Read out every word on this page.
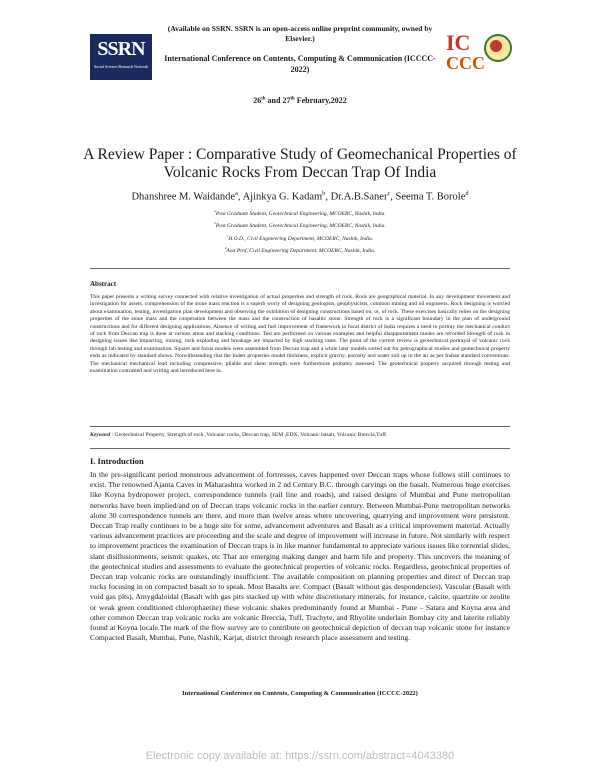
SSRN
Social Science Research Network
(Available on SSRN. SSRN is an open-access online preprint community, owned by Elsevier.)
International Conference on Contents, Computing & Communication (ICCCC-2022)
26th and 27th February,2022
IC
CCC
A Review Paper : Comparative Study of Geomechanical Properties of Volcanic Rocks From Deccan Trap Of India
Dhanshree M. Waidande$^a$, Ajinkya G. Kadam$^b$, Dr.A.B.Saner$^c$, Seema T. Borole$^d$
$^a$Post Graduate Student, Geotechnical Engineering, MCOERC, Nashik, India.
$^b$Post Graduate Student, Geotechnical Engineering, MCOERC, Nashik, India.
$^c$H.O.D., Civil Engineering Department, MCOERC, Nashik, India.
$^d$Asst.Prof, Civil Engineering Department, MCOERC, Nashik, India.
Abstract
This paper presents a writing survey connected with relative investigation of actual properties and strength of rock. Rock are geographical material. In any development movement and investigation for assets, comprehension of the stone mass reaction is a superb worry of designing geologists, geophysicists, common mining and oil engineers. Rock designing is worried about examination, testing, investigation plan development and observing the exhibition of designing constructions based on, or, of rock. These exercises basically relies on the designing properties of the stone mass and the cooperation between the mass and the construction of basaltic stone. Strength of rock is a significant boundary in the plan of underground constructions and for different designing applications. Absence of writing and fuel improvement of framework in focal district of India requires a need to portray the mechanical conduct of rock from Deccan trap is done at various areas and stacking conditions. Test are performed on various examples and helpful disappointment modes are recorded Strength of rock in designing issues like impacting, mining, rock exploding and breakage are impacted by high stacking rates. The point of the current review is geotechnical portrayal of volcanic rock through lab testing and examination. Square and focus models were assembled from Deccan trap and a while later models sorted out for petrographical studies and geotechnical property ends as indicated by standard shows. Notwithstanding that the Indert properties model thickness, explicit gravity, porosity and water soil up in the air as per Indian standard conventions. The mechanical mechanical lead including compressive, pliable and shear strength were furthermore probably assessed. The geotechnical property acquired through testing and examination contrasted and writing and introduced here in.
Keyword : Geotechnical Property, Strength of rock ,Volcanic rocks, Deccan trap, SEM ,EDX, Volcanic basalt, Volcanic Breccia,Tuff.
I. Introduction
In the pre-significant period monstrous advancement of fortresses, caves happened over Deccan traps whose follows still continues to exist. The renowned Ajanta Caves in Maharashtra worked in 2 nd Century B.C. through carvings on the basalt. Numerous huge exercises like Koyna hydropower project, correspondence tunnels (rail line and roads), and raised designs of Mumbai and Pune metropolitan networks have been implied/and on of Deccan traps volcanic rocks in the earlier century. Between Mumbai-Pune metropolitan networks alone 30 correspondence tunnels are there, and more than twelve areas where uncovering, quarrying and improvement were persistent. Deccan Trap really continues to be a huge site for some, advancement adventures and Basalt as a critical improvement material. Actually various advancement practices are proceeding and the scale and degree of improvement will increase in future. Not similarly with respect to improvement practices the examination of Deccan traps is in like manner fundamental to appreciate various issues like torrential slides, slant disillusionments, seismic quakes, etc That are emerging making danger and harm life and property. This uncovers the meaning of the geotechnical studies and assessments to evaluate the geotechnical properties of volcanic rocks. Regardless, geotechnical properties of Deccan trap volcanic rocks are outstandingly insufficient. The available composition on planning properties and direct of Deccan trap rocks focusing in on compacted basalt so to speak. Most Basalts are: Compact (Basalt without gas despondencies), Vascular (Basalt with void gas pits), Amygdaloidal (Basalt with gas pits stacked up with white discretionary minerals, for instance, calcite, quartzite or zeolite or weak green conditioned chlorophaetite) these volcanic shakes predominantly found at Mumbai - Pune – Satara and Koyna area and other common Deccan trap volcanic rocks are volcanic Breccia, Tuff, Trachyte, and Rhyolite underlain Bombay city and laterite reliably found at Koyna locale.The mark of the flow survey are to contribute on geotechnical depiction of deccan trap volcanic stone for instance Compacted Basalt, Mumbai, Pune, Nashik, Karjat, district through research place assessment and testing.
International Conference on Contents, Computing & Communication (ICCCC-2022)
Electronic copy available at: https://ssrn.com/abstract=4043380
